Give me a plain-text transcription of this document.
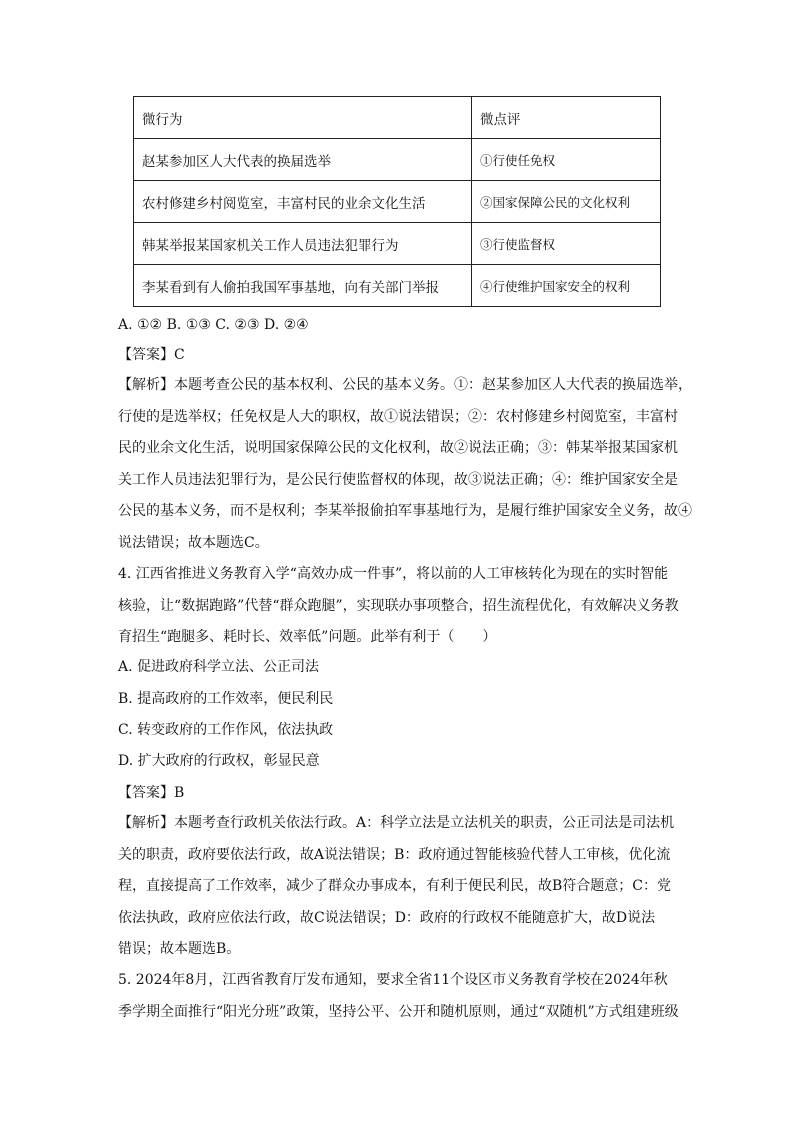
微行为	微点评
赵某参加区人大代表的换届选举	①行使任免权
农村修建乡村阅览室，丰富村民的业余文化生活	②国家保障公民的文化权利
韩某举报某国家机关工作人员违法犯罪行为	③行使监督权
李某看到有人偷拍我国军事基地，向有关部门举报	④行使维护国家安全的权利
A. ①② B. ①③ C. ②③ D. ②④
【答案】C
【解析】本题考查公民的基本权利、公民的基本义务。①：赵某参加区人大代表的换届选举，
行使的是选举权；任免权是人大的职权，故①说法错误；②：农村修建乡村阅览室，丰富村
民的业余文化生活，说明国家保障公民的文化权利，故②说法正确；③：韩某举报某国家机
关工作人员违法犯罪行为，是公民行使监督权的体现，故③说法正确；④：维护国家安全是
公民的基本义务，而不是权利；李某举报偷拍军事基地行为，是履行维护国家安全义务，故④
说法错误；故本题选C。
4. 江西省推进义务教育入学“高效办成一件事”，将以前的人工审核转化为现在的实时智能
核验，让“数据跑路”代替“群众跑腿”，实现联办事项整合，招生流程优化，有效解决义务教
育招生“跑腿多、耗时长、效率低”问题。此举有利于（　　）
A. 促进政府科学立法、公正司法
B. 提高政府的工作效率，便民利民
C. 转变政府的工作作风，依法执政
D. 扩大政府的行政权，彰显民意
【答案】B
【解析】本题考查行政机关依法行政。A：科学立法是立法机关的职责，公正司法是司法机
关的职责，政府要依法行政，故A说法错误；B：政府通过智能核验代替人工审核，优化流
程，直接提高了工作效率，减少了群众办事成本，有利于便民利民，故B符合题意；C：党
依法执政，政府应依法行政，故C说法错误；D：政府的行政权不能随意扩大，故D说法
错误；故本题选B。
5. 2024年8月，江西省教育厅发布通知，要求全省11个设区市义务教育学校在2024年秋
季学期全面推行“阳光分班”政策，坚持公平、公开和随机原则，通过“双随机”方式组建班级
